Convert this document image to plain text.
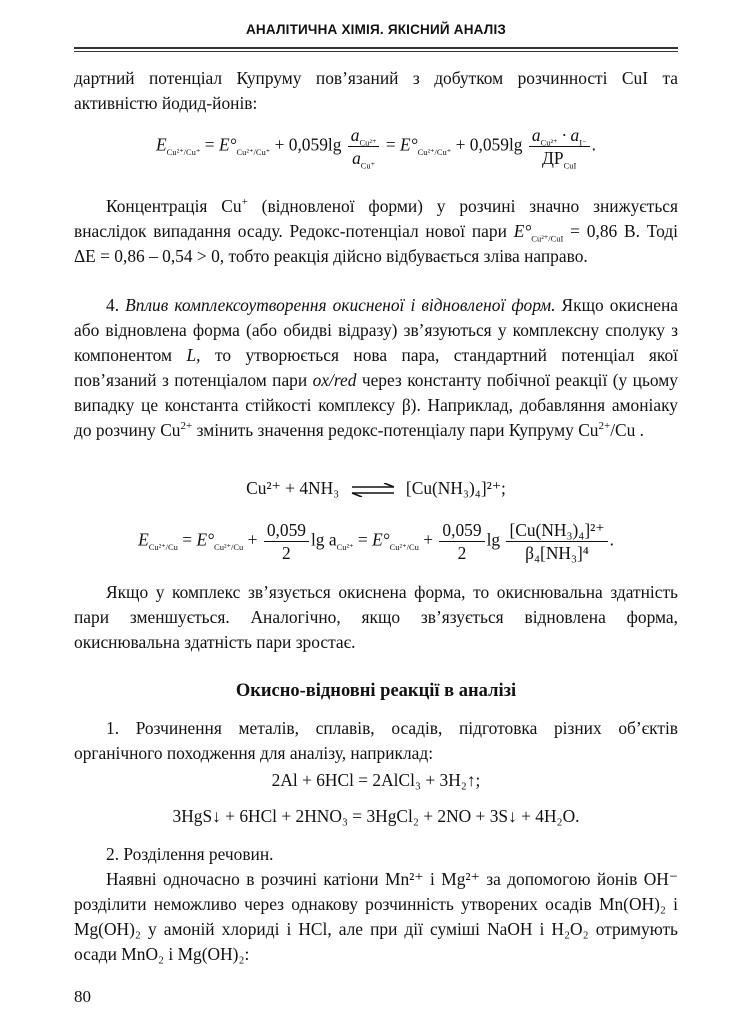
АНАЛІТИЧНА ХІМІЯ. ЯКІСНИЙ АНАЛІЗ

дартний потенціал Купруму пов’язаний з добутком розчинності CuI та активністю йодид-йонів:

$E_{Cu^{2+}/Cu^+} = E^\circ_{Cu^{2+}/Cu^+} + 0,059\lg \frac{a_{Cu^{2+}}}{a_{Cu^+}} = E^\circ_{Cu^{2+}/Cu^+} + 0,059\lg \frac{a_{Cu^{2+}} \cdot a_{I^-}}{ДР_{CuI}}$ .

Концентрація Cu+ (відновленої форми) у розчині значно знижується внаслідок випадання осаду. Редокс-потенціал нової пари $E^\circ_{Cu^{2+}/CuI} = 0,86$ В. Тоді ΔE = 0,86 – 0,54 > 0, тобто реакція дійсно відбувається зліва направо.

4. Вплив комплексоутворення окисненої і відновленої форм. Якщо окиснена або відновлена форма (або обидві відразу) зв’язуються у комплексну сполуку з компонентом L, то утворюється нова пара, стандартний потенціал якої пов’язаний з потенціалом пари ox/red через константу побічної реакції (у цьому випадку це константа стійкості комплексу β). Наприклад, добавляння амоніаку до розчину $Cu^{2+}$ змінить значення редокс-потенціалу пари Купруму $Cu^{2+}/Cu$ .

Cu²⁺ + 4NH₃ ⇌ [Cu(NH₃)₄]²⁺;
$E_{Cu^{2+}/Cu} = E^\circ_{Cu^{2+}/Cu} + \frac{0,059}{2}$ $\lg a_{Cu^{2+}} = E^\circ_{Cu^{2+}/Cu} + \frac{0,059}{2}$ $\lg \frac{\text{[Cu(NH₃)₄]²⁺}}{\text{β₄[NH₃]⁴}}$ .

Якщо у комплекс зв’язується окиснена форма, то окиснювальна здатність пари зменшується. Аналогічно, якщо зв’язується відновлена форма, окиснювальна здатність пари зростає.

Окисно-відновні реакції в аналізі

1. Розчинення металів, сплавів, осадів, підготовка різних об’єктів органічного походження для аналізу, наприклад:

2Al + 6HCl = 2AlCl₃ + 3H₂↑;
3HgS↓ + 6HCl + 2HNO₃ = 3HgCl₂ + 2NO + 3S↓ + 4H₂O.

2. Розділення речовин.

Наявні одночасно в розчині катіони Mn²⁺ і Mg²⁺ за допомогою йонів OH⁻ розділити неможливо через однакову розчинність утворених осадів Mn(OH)₂ і Mg(OH)₂ у амоній хлориді і HCl, але при дії суміші NaOH і H₂O₂ отримують осади MnO₂ і Mg(OH)₂:

80
